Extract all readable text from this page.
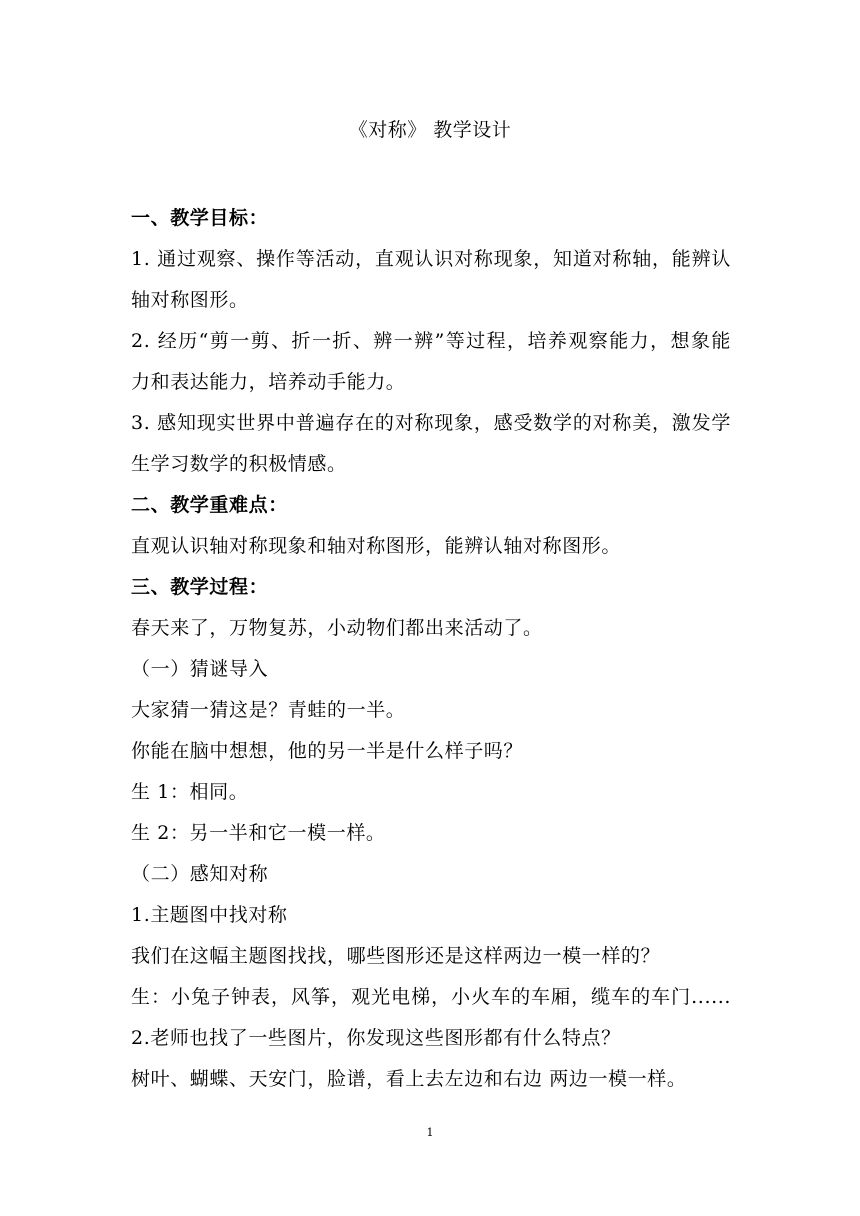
《对称》 教学设计
一、教学目标：
1. 通过观察、操作等活动，直观认识对称现象，知道对称轴，能辨认
轴对称图形。
2. 经历“剪一剪、折一折、辨一辨”等过程，培养观察能力，想象能
力和表达能力，培养动手能力。
3. 感知现实世界中普遍存在的对称现象，感受数学的对称美，激发学
生学习数学的积极情感。
二、教学重难点：
直观认识轴对称现象和轴对称图形，能辨认轴对称图形。
三、教学过程：
春天来了，万物复苏，小动物们都出来活动了。
（一）猜谜导入
大家猜一猜这是？青蛙的一半。
你能在脑中想想，他的另一半是什么样子吗？
生 1：相同。
生 2：另一半和它一模一样。
（二）感知对称
1.主题图中找对称
我们在这幅主题图找找，哪些图形还是这样两边一模一样的？
生：小兔子钟表，风筝，观光电梯，小火车的车厢，缆车的车门......
2.老师也找了一些图片，你发现这些图形都有什么特点？
树叶、蝴蝶、天安门，脸谱，看上去左边和右边 两边一模一样。
1
